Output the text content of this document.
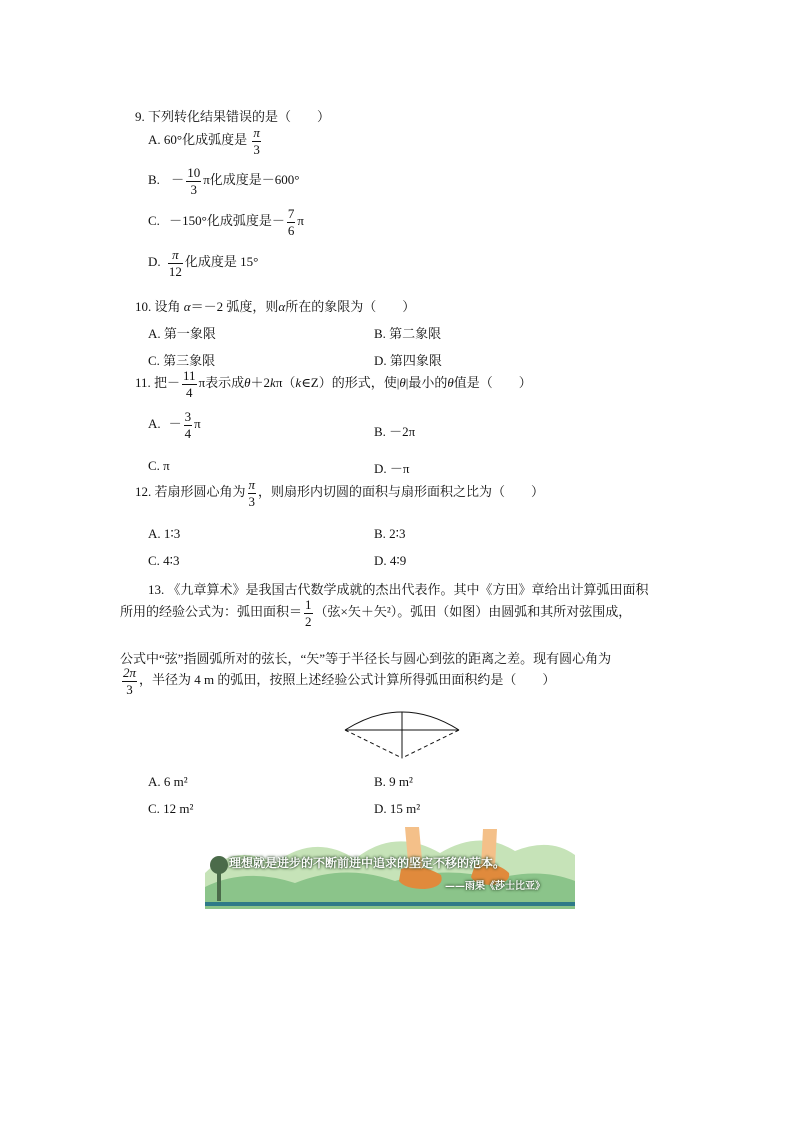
9. 下列转化结果错误的是（　　）
A. 60°化成弧度是 $\frac{\pi}{3}$
B. － $\frac{10}{3}$ π化成度是－600°
C. －150°化成弧度是－ $\frac{7}{6}$ π
D. $\frac{\pi}{12}$ 化成度是 15°
10. 设角 α＝－2 弧度，则α所在的象限为（　　）
A. 第一象限	B. 第二象限
C. 第三象限	D. 第四象限
11. 把－ $\frac{11}{4}$ π表示成θ＋2kπ（k∈Z）的形式，使|θ|最小的θ值是（　　）
A. － $\frac{3}{4}$ π
B. －2π
C. π	D. －π
12. 若扇形圆心角为 $\frac{\pi}{3}$ ，则扇形内切圆的面积与扇形面积之比为（　　）
A. 1∶3	B. 2∶3
C. 4∶3	D. 4∶9
13. 《九章算术》是我国古代数学成就的杰出代表作。其中《方田》章给出计算弧田面积
所用的经验公式为：弧田面积＝ $\frac{1}{2}$ （弦×矢＋矢²）。弧田（如图）由圆弧和其所对弦围成，
公式中“弦”指圆弧所对的弦长，“矢”等于半径长与圆心到弦的距离之差。现有圆心角为
$\frac{2\pi}{3}$ ，半径为 4 m 的弧田，按照上述经验公式计算所得弧田面积约是（　　）
A. 6 m²	B. 9 m²
C. 12 m²	D. 15 m²
理想就是进步的不断前进中追求的坚定不移的范本。
——雨果《莎士比亚》
